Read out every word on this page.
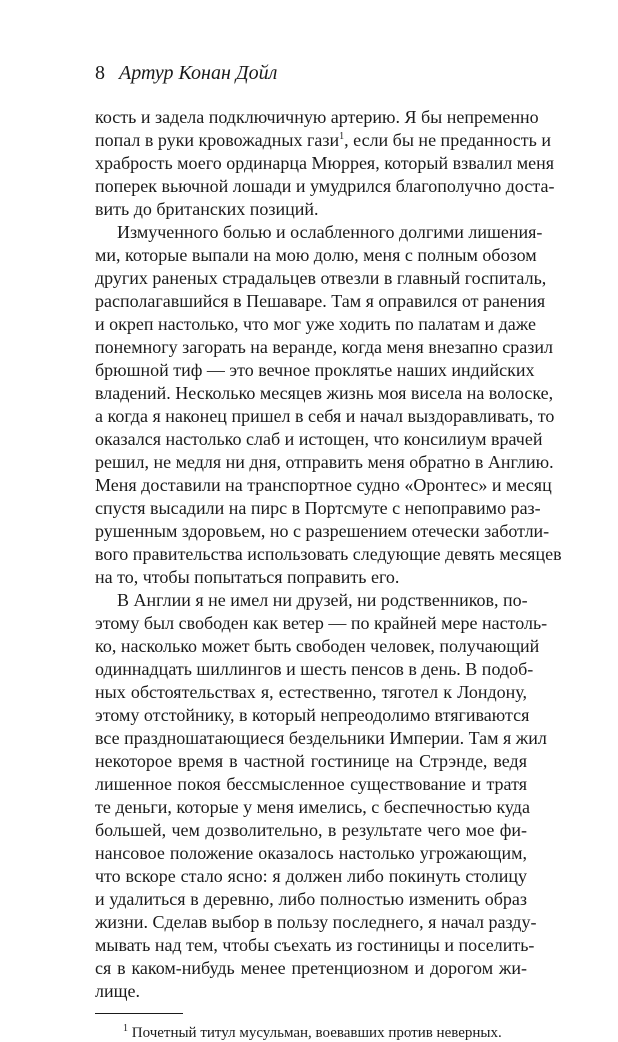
8 Артур Конан Дойл
кость и задела подключичную артерию. Я бы непременно
попал в руки кровожадных гази$^1$, если бы не преданность и
храбрость моего ординарца Мюррея, который взвалил меня
поперек вьючной лошади и умудрился благополучно доста-
вить до британских позиций.
Измученного болью и ослабленного долгими лишения-
ми, которые выпали на мою долю, меня с полным обозом
других раненых страдальцев отвезли в главный госпиталь,
располагавшийся в Пешаваре. Там я оправился от ранения
и окреп настолько, что мог уже ходить по палатам и даже
понемногу загорать на веранде, когда меня внезапно сразил
брюшной тиф — это вечное проклятье наших индийских
владений. Несколько месяцев жизнь моя висела на волоске,
а когда я наконец пришел в себя и начал выздоравливать, то
оказался настолько слаб и истощен, что консилиум врачей
решил, не медля ни дня, отправить меня обратно в Англию.
Меня доставили на транспортное судно «Оронтес» и месяц
спустя высадили на пирс в Портсмуте с непоправимо раз-
рушенным здоровьем, но с разрешением отечески заботли-
вого правительства использовать следующие девять месяцев
на то, чтобы попытаться поправить его.
В Англии я не имел ни друзей, ни родственников, по-
этому был свободен как ветер — по крайней мере настоль-
ко, насколько может быть свободен человек, получающий
одиннадцать шиллингов и шесть пенсов в день. В подоб-
ных обстоятельствах я, естественно, тяготел к Лондону,
этому отстойнику, в который непреодолимо втягиваются
все праздношатающиеся бездельники Империи. Там я жил
некоторое время в частной гостинице на Стрэнде, ведя
лишенное покоя бессмысленное существование и тратя
те деньги, которые у меня имелись, с беспечностью куда
большей, чем дозволительно, в результате чего мое фи-
нансовое положение оказалось настолько угрожающим,
что вскоре стало ясно: я должен либо покинуть столицу
и удалиться в деревню, либо полностью изменить образ
жизни. Сделав выбор в пользу последнего, я начал разду-
мывать над тем, чтобы съехать из гостиницы и поселить-
ся в каком-нибудь менее претенциозном и дорогом жи-
лище.
$^1$ Почетный титул мусульман, воевавших против неверных.
